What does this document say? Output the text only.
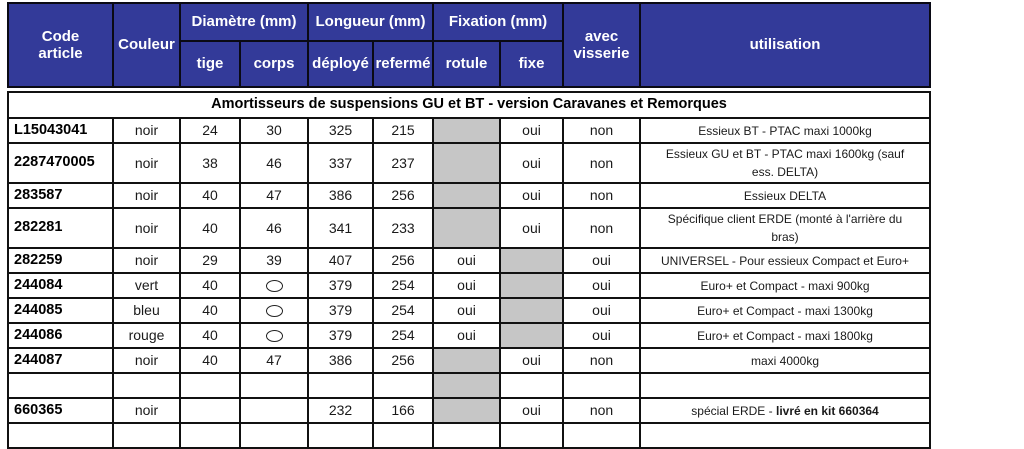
Code article	Couleur	Diamètre (mm)		Longueur (mm)		Fixation (mm)		avec visserie	utilisation
		tige	corps	déployé	refermé	rotule	fixe		
Amortisseurs de suspensions GU et BT - version Caravanes et Remorques									
L15043041	noir	24	30	325	215		oui	non	Essieux BT - PTAC maxi 1000kg
2287470005	noir	38	46	337	237		oui	non	Essieux GU et BT - PTAC maxi 1600kg (sauf ess. DELTA)
283587	noir	40	47	386	256		oui	non	Essieux DELTA
282281	noir	40	46	341	233		oui	non	Spécifique client ERDE (monté à l'arrière du bras)
282259	noir	29	39	407	256	oui		oui	UNIVERSEL - Pour essieux Compact et Euro+
244084	vert	40		379	254	oui		oui	Euro+ et Compact - maxi 900kg
244085	bleu	40		379	254	oui		oui	Euro+ et Compact - maxi 1300kg
244086	rouge	40		379	254	oui		oui	Euro+ et Compact - maxi 1800kg
244087	noir	40	47	386	256		oui	non	maxi 4000kg

660365	noir			232	166		oui	non	spécial ERDE - livré en kit 660364
